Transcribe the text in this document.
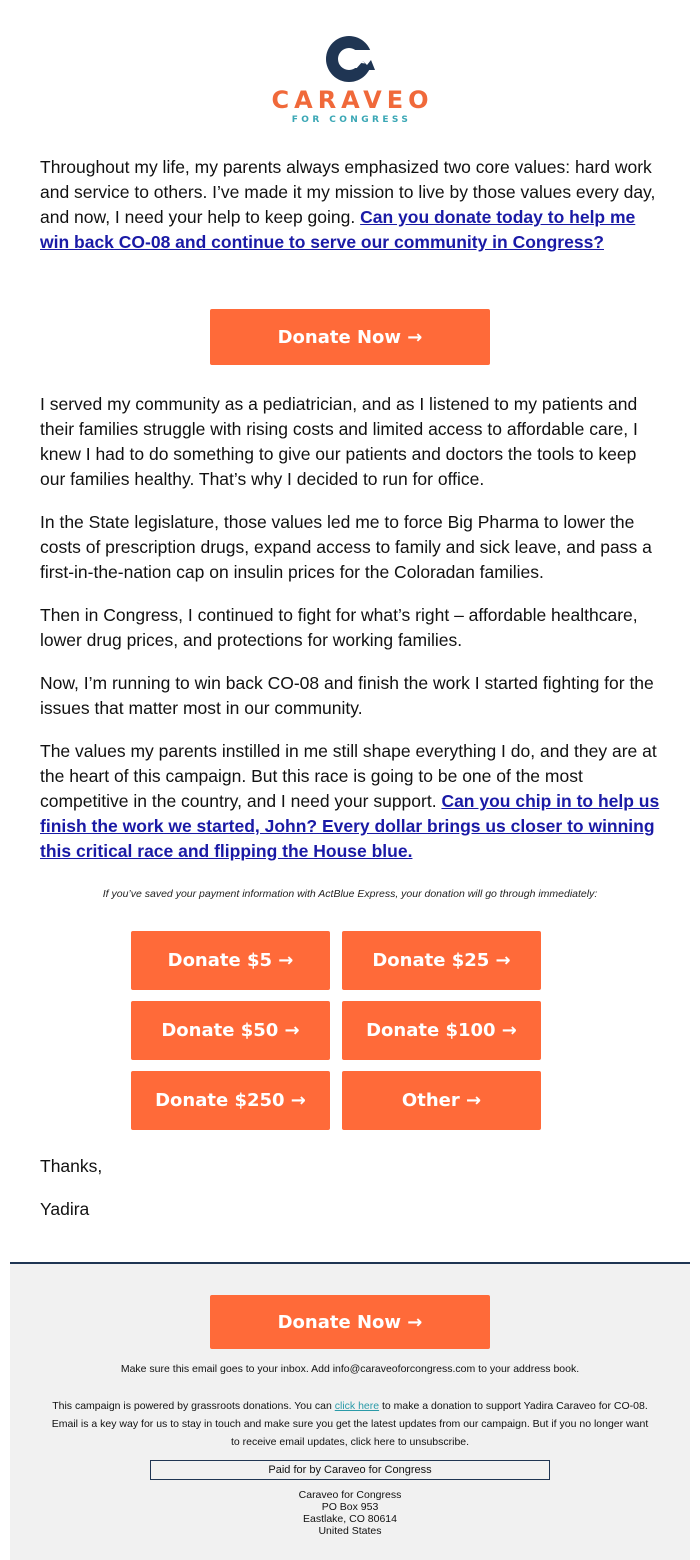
CARAVEO
FOR CONGRESS

Throughout my life, my parents always emphasized two core values: hard work and service to others. I’ve made it my mission to live by those values every day, and now, I need your help to keep going. Can you donate today to help me win back CO-08 and continue to serve our community in Congress?

Donate Now →

I served my community as a pediatrician, and as I listened to my patients and their families struggle with rising costs and limited access to affordable care, I knew I had to do something to give our patients and doctors the tools to keep our families healthy. That’s why I decided to run for office.

In the State legislature, those values led me to force Big Pharma to lower the costs of prescription drugs, expand access to family and sick leave, and pass a first-in-the-nation cap on insulin prices for the Coloradan families.

Then in Congress, I continued to fight for what’s right – affordable healthcare, lower drug prices, and protections for working families.

Now, I’m running to win back CO-08 and finish the work I started fighting for the issues that matter most in our community.

The values my parents instilled in me still shape everything I do, and they are at the heart of this campaign. But this race is going to be one of the most competitive in the country, and I need your support. Can you chip in to help us finish the work we started, John? Every dollar brings us closer to winning this critical race and flipping the House blue.

If you’ve saved your payment information with ActBlue Express, your donation will go through immediately:
Donate $5 →	Donate $25 →
Donate $50 →	Donate $100 →
Donate $250 →	Other →
Thanks,
Yadira
Donate Now →
Make sure this email goes to your inbox. Add info@caraveoforcongress.com to your address book.
This campaign is powered by grassroots donations. You can click here to make a donation to support Yadira Caraveo for CO-08. Email is a key way for us to stay in touch and make sure you get the latest updates from our campaign. But if you no longer want to receive email updates, click here to unsubscribe.
Paid for by Caraveo for Congress
Caraveo for Congress
PO Box 953
Eastlake, CO 80614
United States
